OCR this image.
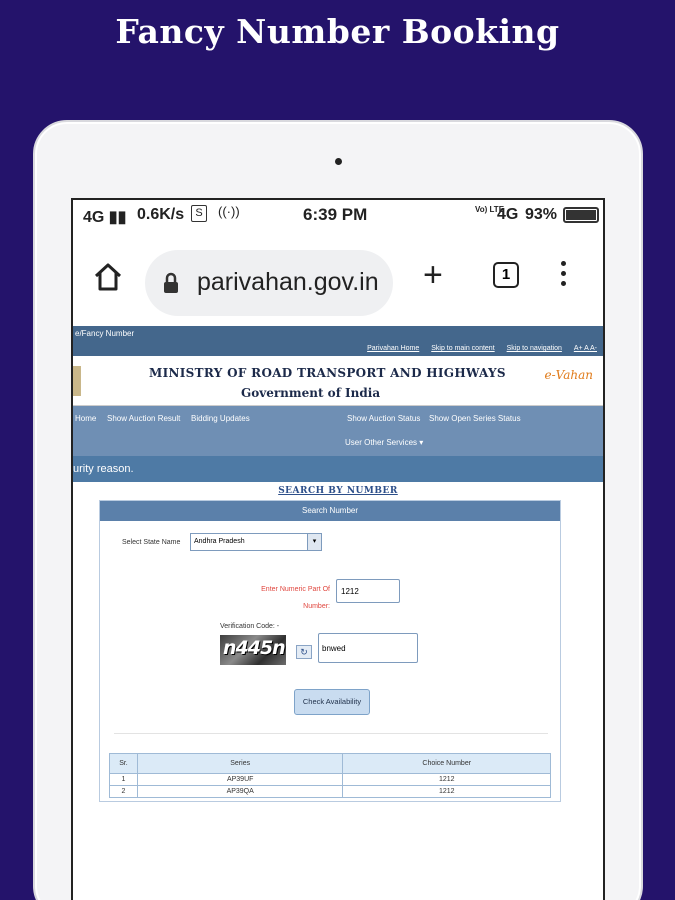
Fancy Number Booking
4G ▮▮ 0.6K/s	S	((·))	6:39 PM	Vo) LTE
4G 93%
parivahan.gov.in +	1
e/Fancy Number
Parivahan Home Skip to main content Skip to navigation A+ A A-
MINISTRY OF ROAD TRANSPORT AND HIGHWAYS
Government of India
$^{e-Vahan}$
Home Show Auction Result Bidding Updates	Show Auction Status Show Open Series Status
User Other Services ▾
urity reason.
SEARCH BY NUMBER
Search Number
Select State Name	Andhra Pradesh	▾
Enter Numeric Part Of Number:
1212
Verification Code: -
n445n	↻	bnwed
Check Availability
Sr.	Series	Choice Number
1	AP39UF	1212
2	AP39QA	1212
